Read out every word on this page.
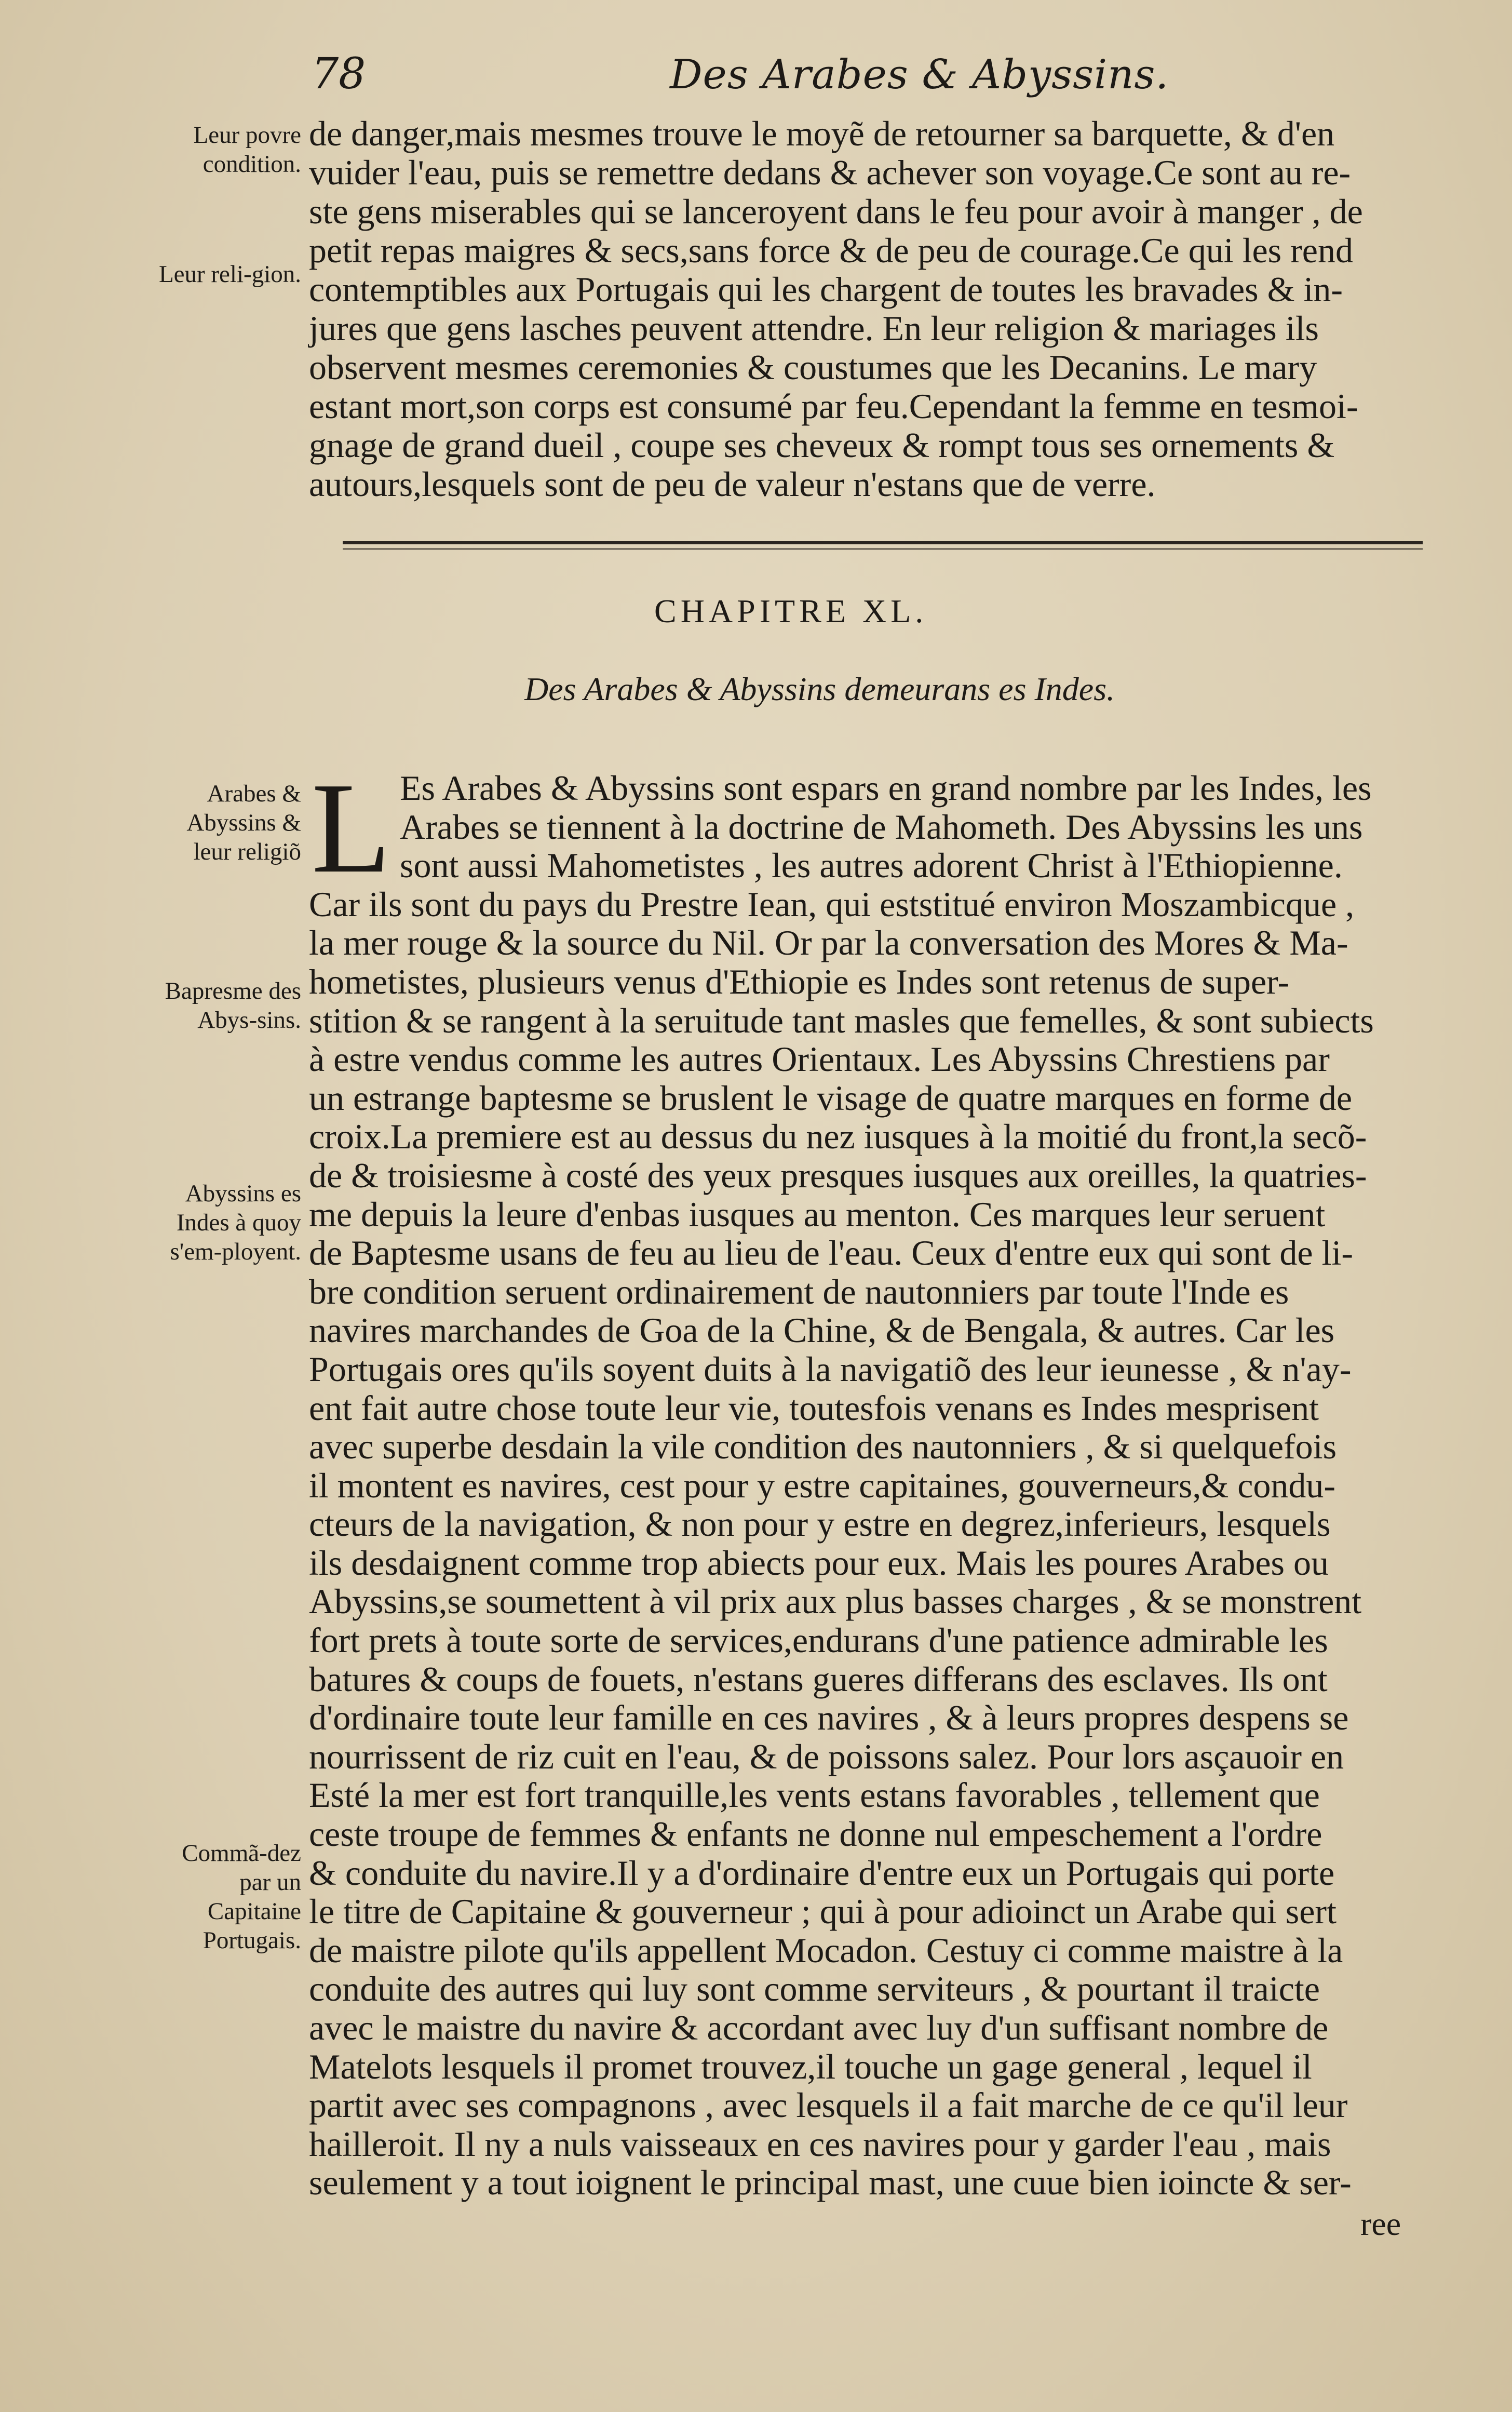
78	Des Arabes & Abyssins.
Leur povre condition.
Leur reli-gion.
Arabes & Abyssins & leur religiõ
Bapresme des Abys-sins.
Abyssins es Indes à quoy s'em-ployent.
Commã-dez par un Capitaine Portugais.
de danger,mais mesmes trouve le moyẽ de retourner sa barquette, & d'en
vuider l'eau, puis se remettre dedans & achever son voyage.Ce sont au re-
ste gens miserables qui se lanceroyent dans le feu pour avoir à manger , de
petit repas maigres & secs,sans force & de peu de courage.Ce qui les rend
contemptibles aux Portugais qui les chargent de toutes les bravades & in-
jures que gens lasches peuvent attendre. En leur religion & mariages ils
observent mesmes ceremonies & coustumes que les Decanins. Le mary
estant mort,son corps est consumé par feu.Cependant la femme en tesmoi-
gnage de grand dueil , coupe ses cheveux & rompt tous ses ornements &
autours,lesquels sont de peu de valeur n'estans que de verre.
CHAPITRE XL.
Des Arabes & Abyssins demeurans es Indes.
L Es Arabes & Abyssins sont espars en grand nombre par les Indes, les
Arabes se tiennent à la doctrine de Mahometh. Des Abyssins les uns
sont aussi Mahometistes , les autres adorent Christ à l'Ethiopienne.
Car ils sont du pays du Prestre Iean, qui eststitué environ Moszambicque ,
la mer rouge & la source du Nil. Or par la conversation des Mores & Ma-
hometistes, plusieurs venus d'Ethiopie es Indes sont retenus de super-
stition & se rangent à la seruitude tant masles que femelles, & sont subiects
à estre vendus comme les autres Orientaux. Les Abyssins Chrestiens par
un estrange baptesme se bruslent le visage de quatre marques en forme de
croix.La premiere est au dessus du nez iusques à la moitié du front,la secõ-
de & troisiesme à costé des yeux presques iusques aux oreilles, la quatries-
me depuis la leure d'enbas iusques au menton. Ces marques leur seruent
de Baptesme usans de feu au lieu de l'eau. Ceux d'entre eux qui sont de li-
bre condition seruent ordinairement de nautonniers par toute l'Inde es
navires marchandes de Goa de la Chine, & de Bengala, & autres. Car les
Portugais ores qu'ils soyent duits à la navigatiõ des leur ieunesse , & n'ay-
ent fait autre chose toute leur vie, toutesfois venans es Indes mesprisent
avec superbe desdain la vile condition des nautonniers , & si quelquefois
il montent es navires, cest pour y estre capitaines, gouverneurs,& condu-
cteurs de la navigation, & non pour y estre en degrez,inferieurs, lesquels
ils desdaignent comme trop abiects pour eux. Mais les poures Arabes ou
Abyssins,se soumettent à vil prix aux plus basses charges , & se monstrent
fort prets à toute sorte de services,endurans d'une patience admirable les
batures & coups de fouets, n'estans gueres differans des esclaves. Ils ont
d'ordinaire toute leur famille en ces navires , & à leurs propres despens se
nourrissent de riz cuit en l'eau, & de poissons salez. Pour lors asçauoir en
Esté la mer est fort tranquille,les vents estans favorables , tellement que
ceste troupe de femmes & enfants ne donne nul empeschement a l'ordre
& conduite du navire.Il y a d'ordinaire d'entre eux un Portugais qui porte
le titre de Capitaine & gouverneur ; qui à pour adioinct un Arabe qui sert
de maistre pilote qu'ils appellent Mocadon. Cestuy ci comme maistre à la
conduite des autres qui luy sont comme serviteurs , & pourtant il traicte
avec le maistre du navire & accordant avec luy d'un suffisant nombre de
Matelots lesquels il promet trouvez,il touche un gage general , lequel il
partit avec ses compagnons , avec lesquels il a fait marche de ce qu'il leur
hailleroit. Il ny a nuls vaisseaux en ces navires pour y garder l'eau , mais
seulement y a tout ioignent le principal mast, une cuue bien ioincte & ser-
ree
